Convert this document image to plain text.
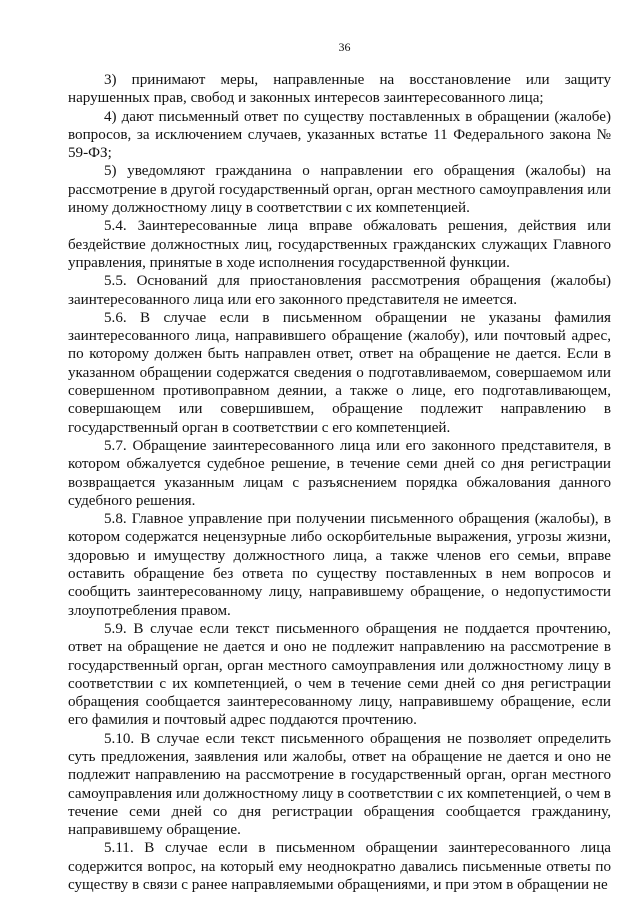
36

3) принимают меры, направленные на восстановление или защиту нарушенных прав, свобод и законных интересов заинтересованного лица;

4) дают письменный ответ по существу поставленных в обращении (жалобе) вопросов, за исключением случаев, указанных встатье 11 Федерального закона № 59-ФЗ;

5) уведомляют гражданина о направлении его обращения (жалобы) на рассмотрение в другой государственный орган, орган местного самоуправления или иному должностному лицу в соответствии с их компетенцией.

5.4. Заинтересованные лица вправе обжаловать решения, действия или бездействие должностных лиц, государственных гражданских служащих Главного управления, принятые в ходе исполнения государственной функции.

5.5. Оснований для приостановления рассмотрения обращения (жалобы) заинтересованного лица или его законного представителя не имеется.

5.6. В случае если в письменном обращении не указаны фамилия заинтересованного лица, направившего обращение (жалобу), или почтовый адрес, по которому должен быть направлен ответ, ответ на обращение не дается. Если в указанном обращении содержатся сведения о подготавливаемом, совершаемом или совершенном противоправном деянии, а также о лице, его подготавливающем, совершающем или совершившем, обращение подлежит направлению в государственный орган в соответствии с его компетенцией.

5.7. Обращение заинтересованного лица или его законного представителя, в котором обжалуется судебное решение, в течение семи дней со дня регистрации возвращается указанным лицам с разъяснением порядка обжалования данного судебного решения.

5.8. Главное управление при получении письменного обращения (жалобы), в котором содержатся нецензурные либо оскорбительные выражения, угрозы жизни, здоровью и имуществу должностного лица, а также членов его семьи, вправе оставить обращение без ответа по существу поставленных в нем вопросов и сообщить заинтересованному лицу, направившему обращение, о недопустимости злоупотребления правом.

5.9. В случае если текст письменного обращения не поддается прочтению, ответ на обращение не дается и оно не подлежит направлению на рассмотрение в государственный орган, орган местного самоуправления или должностному лицу в соответствии с их компетенцией, о чем в течение семи дней со дня регистрации обращения сообщается заинтересованному лицу, направившему обращение, если его фамилия и почтовый адрес поддаются прочтению.

5.10. В случае если текст письменного обращения не позволяет определить суть предложения, заявления или жалобы, ответ на обращение не дается и оно не подлежит направлению на рассмотрение в государственный орган, орган местного самоуправления или должностному лицу в соответствии с их компетенцией, о чем в течение семи дней со дня регистрации обращения сообщается гражданину, направившему обращение.

5.11. В случае если в письменном обращении заинтересованного лица содержится вопрос, на который ему неоднократно давались письменные ответы по существу в связи с ранее направляемыми обращениями, и при этом в обращении не
